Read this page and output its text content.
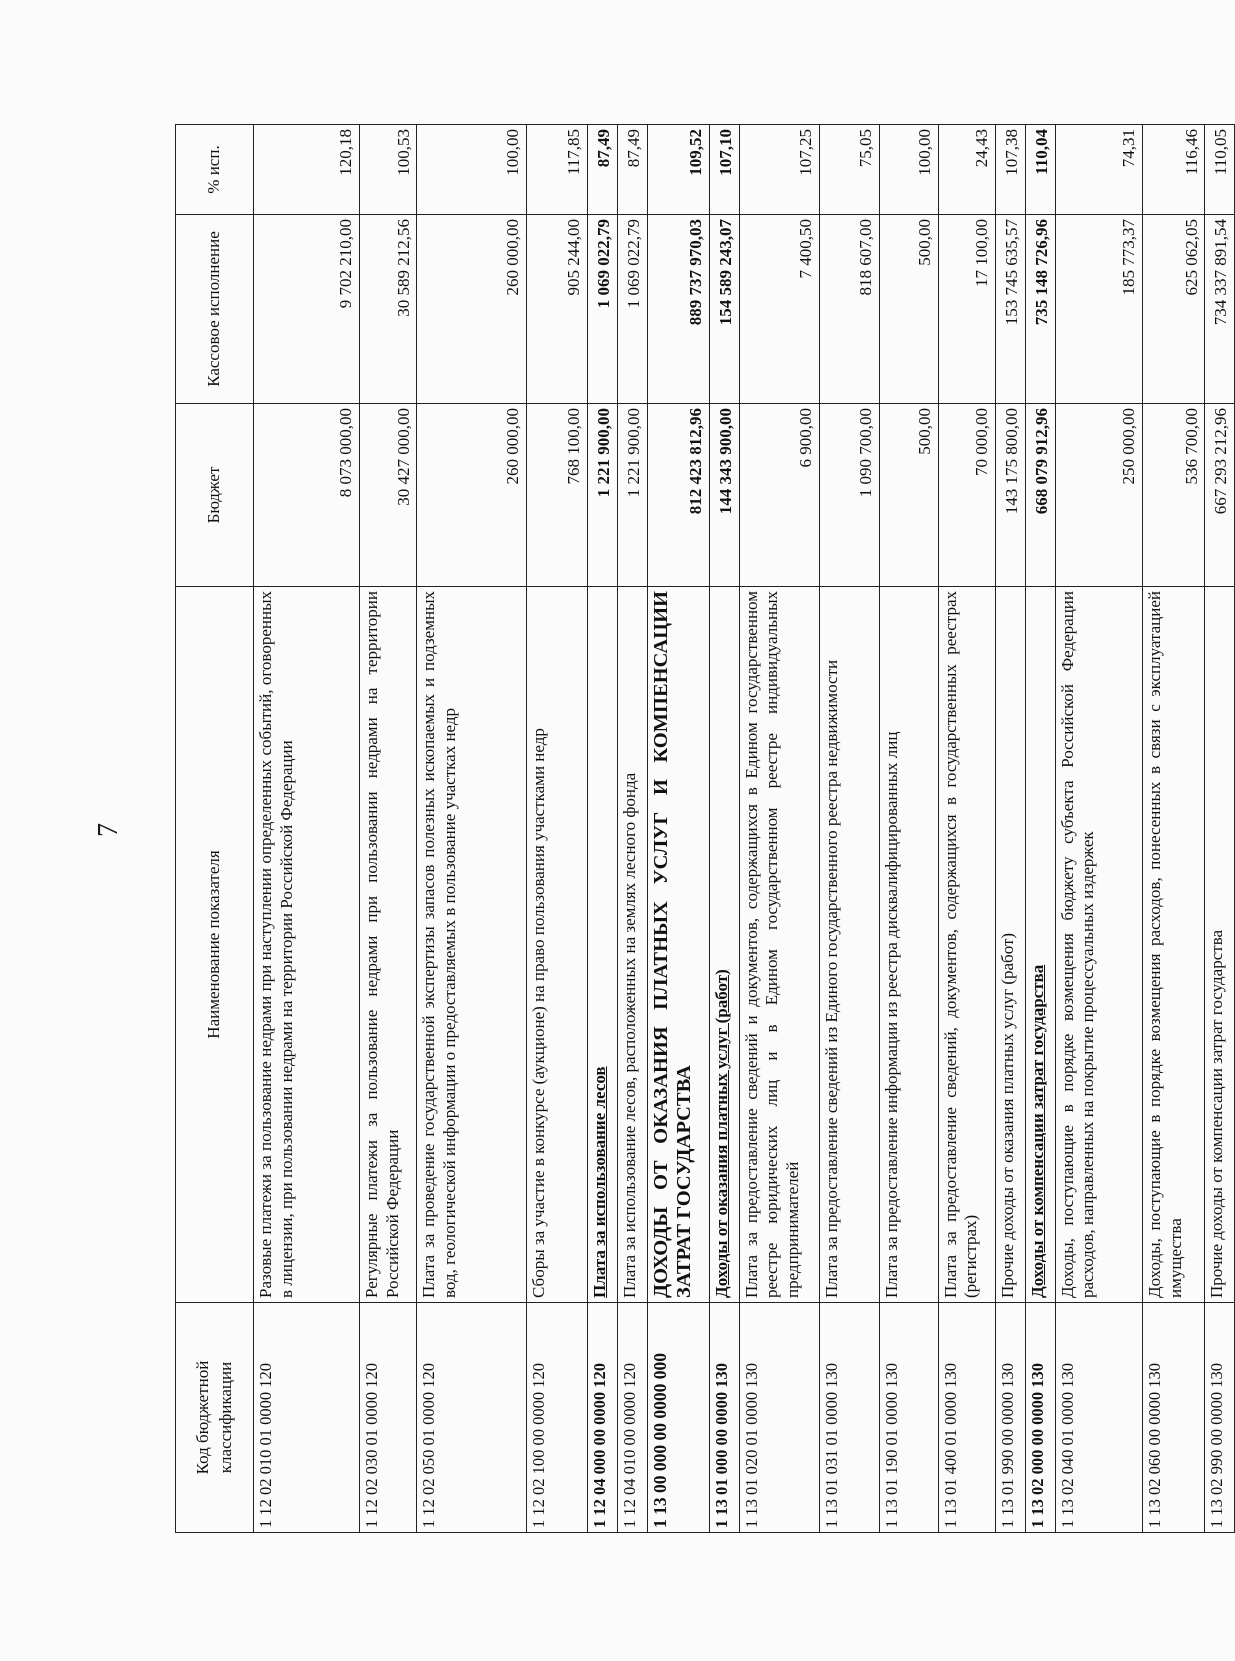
7
Код бюджетной классификации	Наименование показателя	Бюджет	Кассовое исполнение	% исп.
1 12 02 010 01 0000 120	Разовые платежи за пользование недрами при наступлении определенных событий, оговоренных в лицензии, при пользовании недрами на территории Российской Федерации	8 073 000,00	9 702 210,00	120,18
1 12 02 030 01 0000 120	Регулярные платежи за пользование недрами при пользовании недрами на территории Российской Федерации	30 427 000,00	30 589 212,56	100,53
1 12 02 050 01 0000 120	Плата за проведение государственной экспертизы запасов полезных ископаемых и подземных вод, геологической информации о предоставляемых в пользование участках недр	260 000,00	260 000,00	100,00
1 12 02 100 00 0000 120	Сборы за участие в конкурсе (аукционе) на право пользования участками недр	768 100,00	905 244,00	117,85
1 12 04 000 00 0000 120	Плата за использование лесов	1 221 900,00	1 069 022,79	87,49
1 12 04 010 00 0000 120	Плата за использование лесов, расположенных на землях лесного фонда	1 221 900,00	1 069 022,79	87,49
1 13 00 000 00 0000 000	ДОХОДЫ ОТ ОКАЗАНИЯ ПЛАТНЫХ УСЛУГ И КОМПЕНСАЦИИ ЗАТРАТ ГОСУДАРСТВА	812 423 812,96	889 737 970,03	109,52
1 13 01 000 00 0000 130	Доходы от оказания платных услуг (работ)	144 343 900,00	154 589 243,07	107,10
1 13 01 020 01 0000 130	Плата за предоставление сведений и документов, содержащихся в Едином государственном реестре юридических лиц и в Едином государственном реестре индивидуальных предпринимателей	6 900,00	7 400,50	107,25
1 13 01 031 01 0000 130	Плата за предоставление сведений из Единого государственного реестра недвижимости	1 090 700,00	818 607,00	75,05
1 13 01 190 01 0000 130	Плата за предоставление информации из реестра дисквалифицированных лиц	500,00	500,00	100,00
1 13 01 400 01 0000 130	Плата за предоставление сведений, документов, содержащихся в государственных реестрах (регистрах)	70 000,00	17 100,00	24,43
1 13 01 990 00 0000 130	Прочие доходы от оказания платных услуг (работ)	143 175 800,00	153 745 635,57	107,38
1 13 02 000 00 0000 130	Доходы от компенсации затрат государства	668 079 912,96	735 148 726,96	110,04
1 13 02 040 01 0000 130	Доходы, поступающие в порядке возмещения бюджету субъекта Российской Федерации расходов, направленных на покрытие процессуальных издержек	250 000,00	185 773,37	74,31
1 13 02 060 00 0000 130	Доходы, поступающие в порядке возмещения расходов, понесенных в связи с эксплуатацией имущества	536 700,00	625 062,05	116,46
1 13 02 990 00 0000 130	Прочие доходы от компенсации затрат государства	667 293 212,96	734 337 891,54	110,05
